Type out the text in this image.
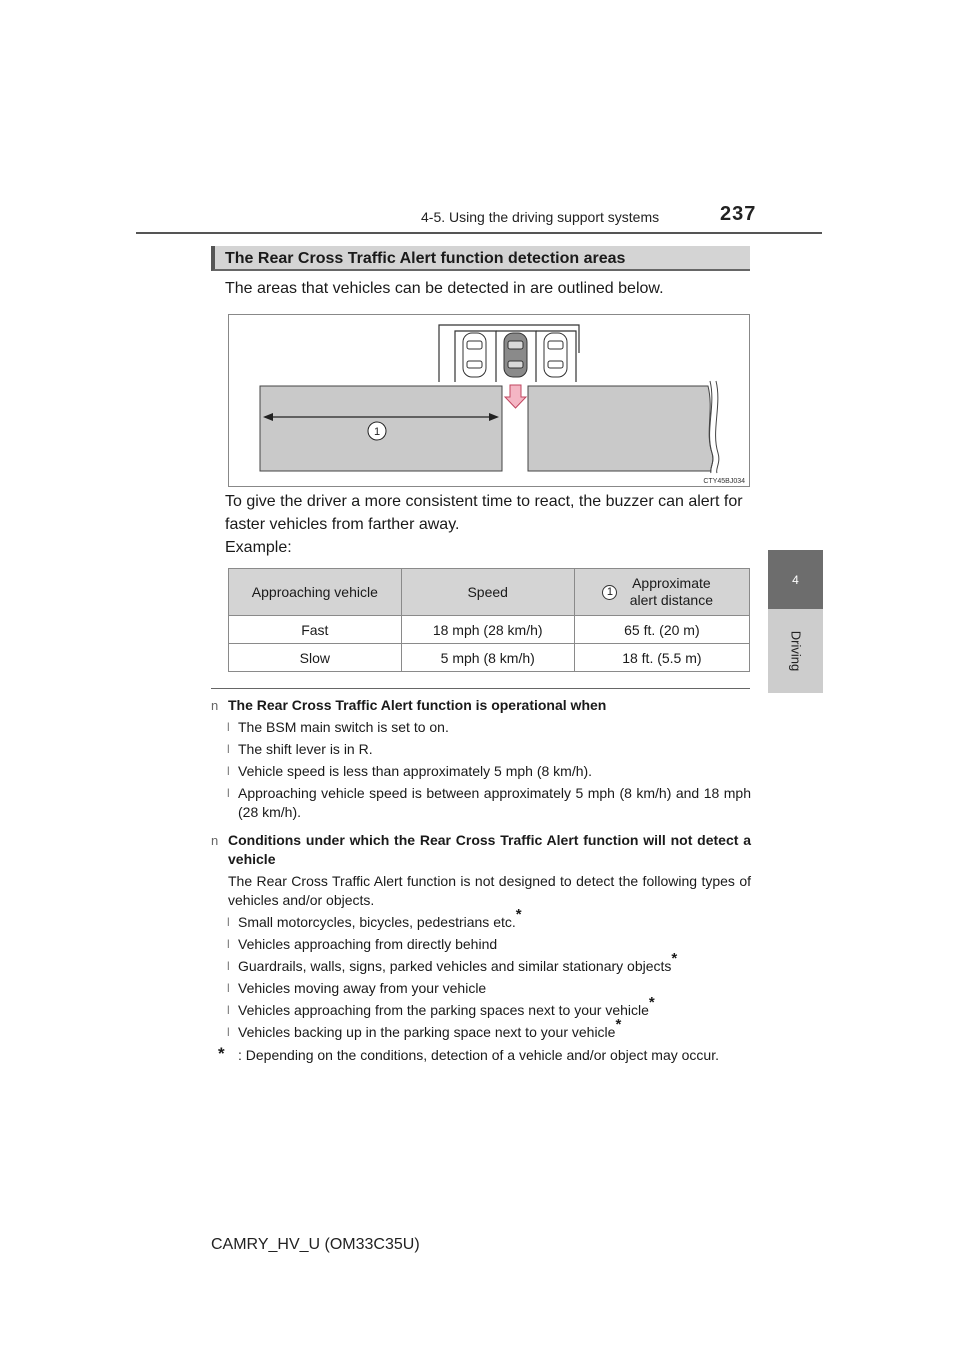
4-5. Using the driving support systems	237
4
Driving
The Rear Cross Traffic Alert function detection areas
The areas that vehicles can be detected in are outlined below.
1
CTY45BJ034
To give the driver a more consistent time to react, the buzzer can alert for faster vehicles from farther away.
Example:
Approaching vehicle	Speed	1
Approximate alert distance

Fast	18 mph (28 km/h)	65 ft. (20 m)
Slow	5 mph (8 km/h)	18 ft. (5.5 m)
n The Rear Cross Traffic Alert function is operational when
l The BSM main switch is set to on.
l The shift lever is in R.
l Vehicle speed is less than approximately 5 mph (8 km/h).
l Approaching vehicle speed is between approximately 5 mph (8 km/h) and 18 mph (28 km/h).
n Conditions under which the Rear Cross Traffic Alert function will not detect a vehicle
The Rear Cross Traffic Alert function is not designed to detect the following types of vehicles and/or objects.
l Small motorcycles, bicycles, pedestrians etc.*
l Vehicles approaching from directly behind
l Guardrails, walls, signs, parked vehicles and similar stationary objects*
l Vehicles moving away from your vehicle
l Vehicles approaching from the parking spaces next to your vehicle*
l Vehicles backing up in the parking space next to your vehicle*
* : Depending on the conditions, detection of a vehicle and/or object may occur.
CAMRY_HV_U (OM33C35U)
